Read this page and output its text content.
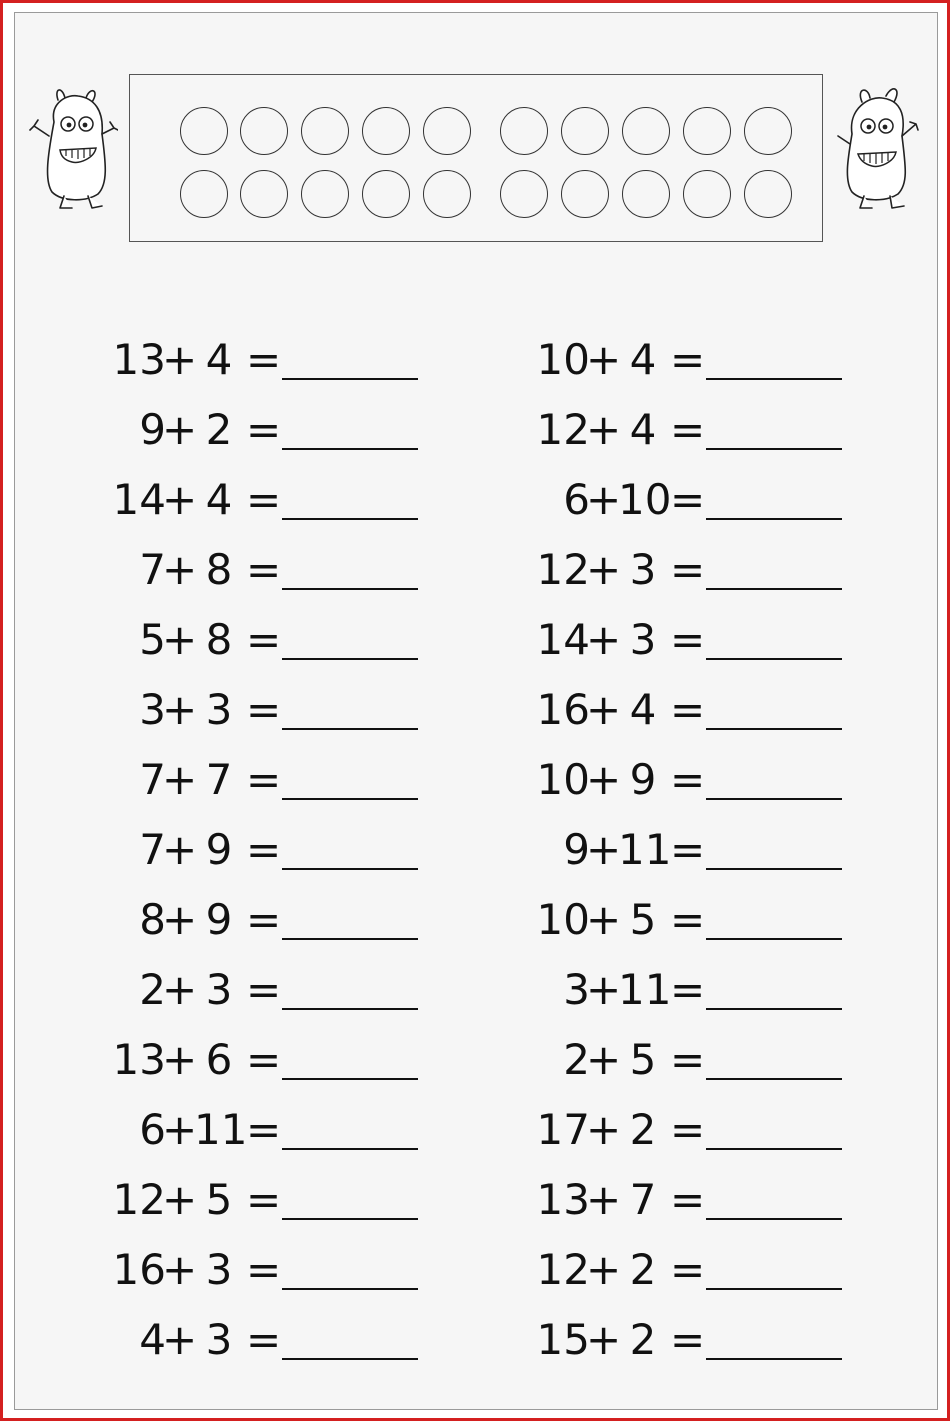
13
+ 4 =
9
+ 2 =
14
+ 4 =
7
+ 8 =
5
+ 8 =
3
+ 3 =
7
+ 7 =
7
+ 9 =
8
+ 9 =
2
+ 3 =
13
+ 6 =
6
+
11
=
12
+ 5 =
16
+ 3 =
4
+ 3 =
10
+ 4 =
12
+ 4 =
6
+
10
=
12
+ 3 =
14
+ 3 =
16
+ 4 =
10
+ 9 =
9
+
11
=
10
+ 5 =
3
+
11
=
2
+ 5 =
17
+ 2 =
13
+ 7 =
12
+ 2 =
15
+ 2 =
